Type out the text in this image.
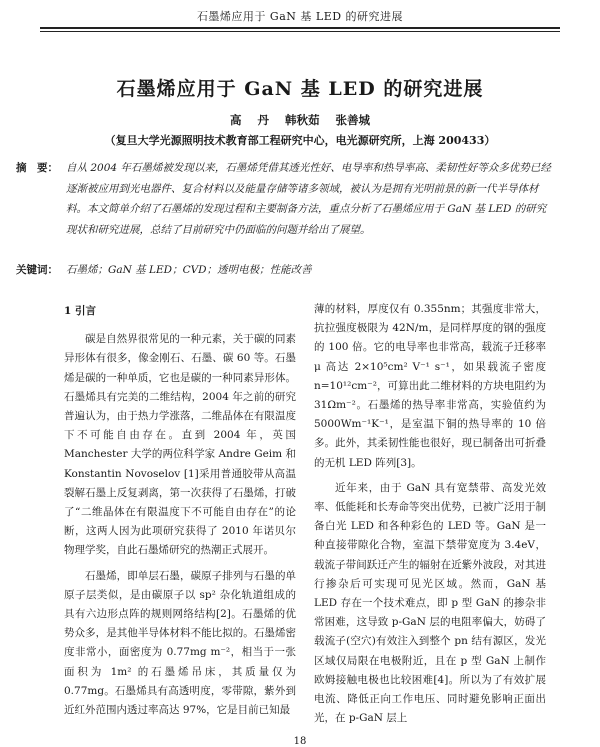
石墨烯应用于 GaN 基 LED 的研究进展
石墨烯应用于 GaN 基 LED 的研究进展
高 丹 韩秋茹 张善城
（复旦大学光源照明技术教育部工程研究中心，电光源研究所，上海 200433）
摘　要： 自从 2004 年石墨烯被发现以来，石墨烯凭借其透光性好、电导率和热导率高、柔韧性好等众多优势已经逐渐被应用到光电器件、复合材料以及能量存储等诸多领域，被认为是拥有光明前景的新一代半导体材料。本文简单介绍了石墨烯的发现过程和主要制备方法，重点分析了石墨烯应用于 GaN 基 LED 的研究现状和研究进展，总结了目前研究中仍面临的问题并给出了展望。
关键词： 石墨烯；GaN 基 LED；CVD；透明电极；性能改善
1 引言

碳是自然界很常见的一种元素，关于碳的同素异形体有很多，像金刚石、石墨、碳 60 等。石墨烯是碳的一种单质，它也是碳的一种同素异形体。石墨烯具有完美的二维结构，2004 年之前的研究普遍认为，由于热力学涨落，二维晶体在有限温度下不可能自由存在。直到 2004 年，英国 Manchester 大学的两位科学家 Andre Geim 和 Konstantin Novoselov [1]采用普通胶带从高温裂解石墨上反复剥离，第一次获得了石墨烯，打破了“二维晶体在有限温度下不可能自由存在”的论断，这两人因为此项研究获得了 2010 年诺贝尔物理学奖，自此石墨烯研究的热潮正式展开。

石墨烯，即单层石墨，碳原子排列与石墨的单原子层类似，是由碳原子以 sp² 杂化轨道组成的具有六边形点阵的规则网络结构[2]。石墨烯的优势众多，是其他半导体材料不能比拟的。石墨烯密度非常小，面密度为 0.77mg m⁻²，相当于一张面积为 1m² 的石墨烯吊床，其质量仅为 0.77mg。石墨烯具有高透明度，零带隙，紫外到近红外范围内透过率高达 97%，它是目前已知最

薄的材料，厚度仅有 0.355nm；其强度非常大，抗拉强度极限为 42N/m，是同样厚度的钢的强度的 100 倍。它的电导率也非常高，载流子迁移率 μ 高达 2×10⁵cm² V⁻¹ s⁻¹，如果载流子密度 n=10¹²cm⁻²，可算出此二维材料的方块电阻约为 31Ωm⁻²。石墨烯的热导率非常高，实验值约为 5000Wm⁻¹K⁻¹，是室温下铜的热导率的 10 倍多。此外，其柔韧性能也很好，现已制备出可折叠的无机 LED 阵列[3]。

近年来，由于 GaN 具有宽禁带、高发光效率、低能耗和长寿命等突出优势，已被广泛用于制备白光 LED 和各种彩色的 LED 等。GaN 是一种直接带隙化合物，室温下禁带宽度为 3.4eV，载流子带间跃迁产生的辐射在近紫外波段，对其进行掺杂后可实现可见光区域。然而，GaN 基 LED 存在一个技术难点，即 p 型 GaN 的掺杂非常困难，这导致 p-GaN 层的电阻率偏大，妨碍了载流子(空穴)有效注入到整个 pn 结有源区，发光区域仅局限在电极附近，且在 p 型 GaN 上制作欧姆接触电极也比较困难[4]。所以为了有效扩展电流、降低正向工作电压、同时避免影响正面出光，在 p-GaN 层上

18
